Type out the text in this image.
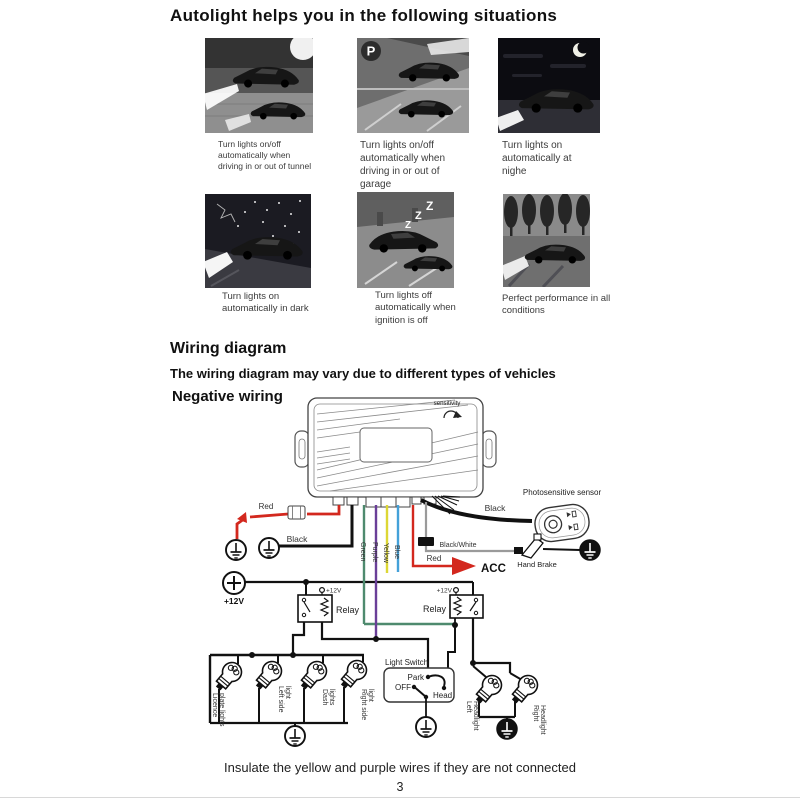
Autolight helps you in the following situations
P
Turn lights on/off automatically when driving in or out of tunnel
Turn lights on/off automatically when driving in or out of garage
Turn lights on automatically at nighe
Z
Z
Z
Turn lights on automatically in dark
Turn lights off automatically when ignition is off
Perfect performance in all conditions
Wiring diagram
The wiring diagram may vary due to different types of vehicles
Negative wiring	sensitivity
Red
Black
+12V
Green Purple Yellow Blue
Black
Photosensitive sensor
Black/White
Hand Brake
Red
ACC
+12V
Relay
+12V
Relay
Light Switch
Park
OFF
Head
Licence plate lights	Left side light	Dash lights	Right side light
Left Headlight	Right Headlight
Insulate the yellow and purple wires if they are not connected
3
